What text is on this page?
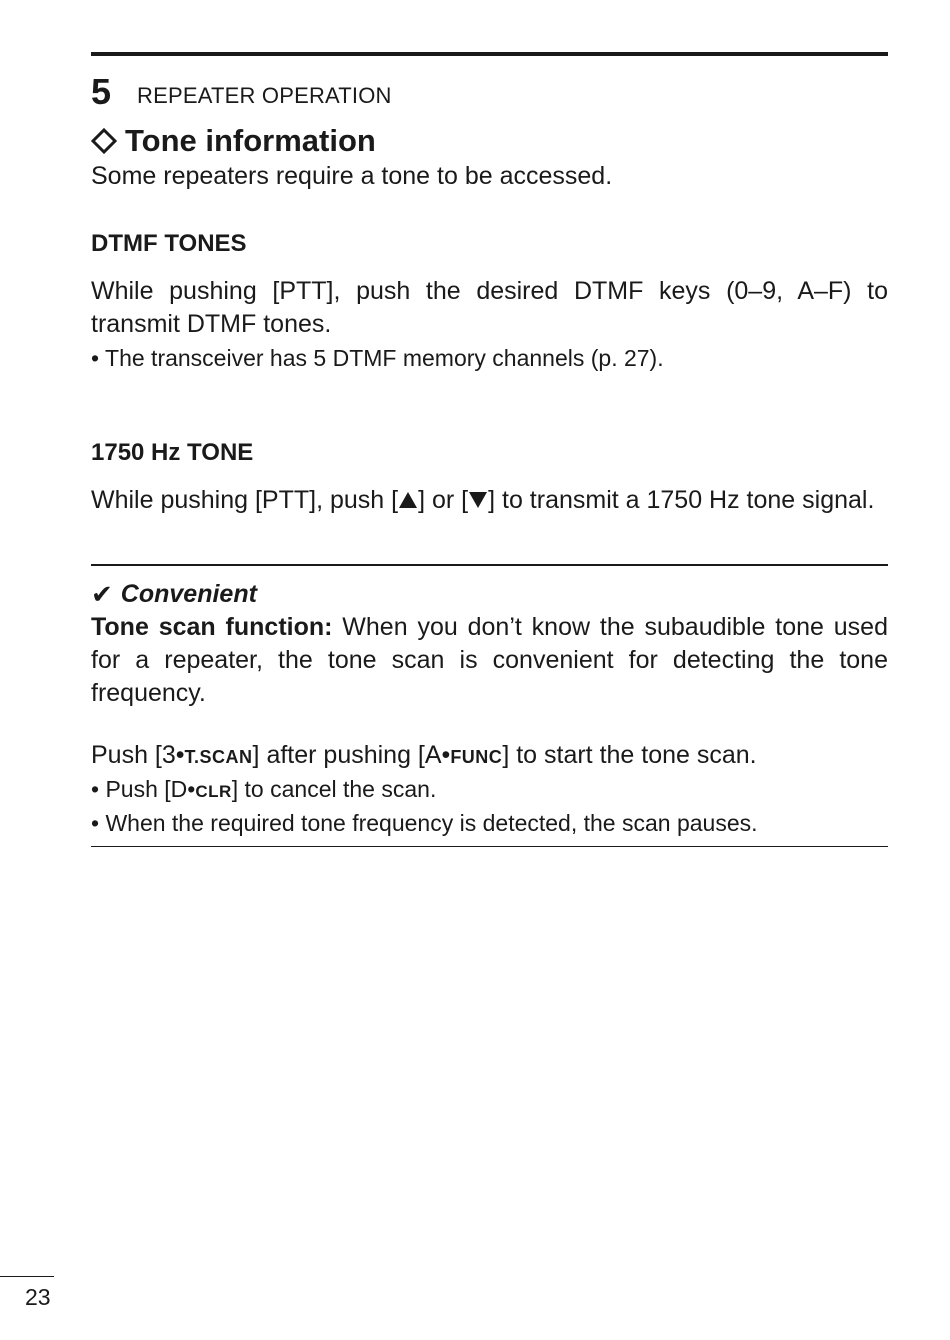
5 REPEATER OPERATION
Tone information

Some repeaters require a tone to be accessed.

DTMF TONES

While pushing [PTT], push the desired DTMF keys (0–9, A–F) to transmit DTMF tones.

• The transceiver has 5 DTMF memory channels (p. 27).
1750 Hz TONE

While pushing [PTT], push [ ] or [ ] to transmit a 1750 Hz tone signal.

✔ Convenient

Tone scan function: When you don’t know the subaudible tone used for a repeater, the tone scan is convenient for detecting the tone frequency.

Push [3•T.SCAN] after pushing [A•FUNC] to start the tone scan.

• Push [D•CLR] to cancel the scan.
• When the required tone frequency is detected, the scan pauses.
23
